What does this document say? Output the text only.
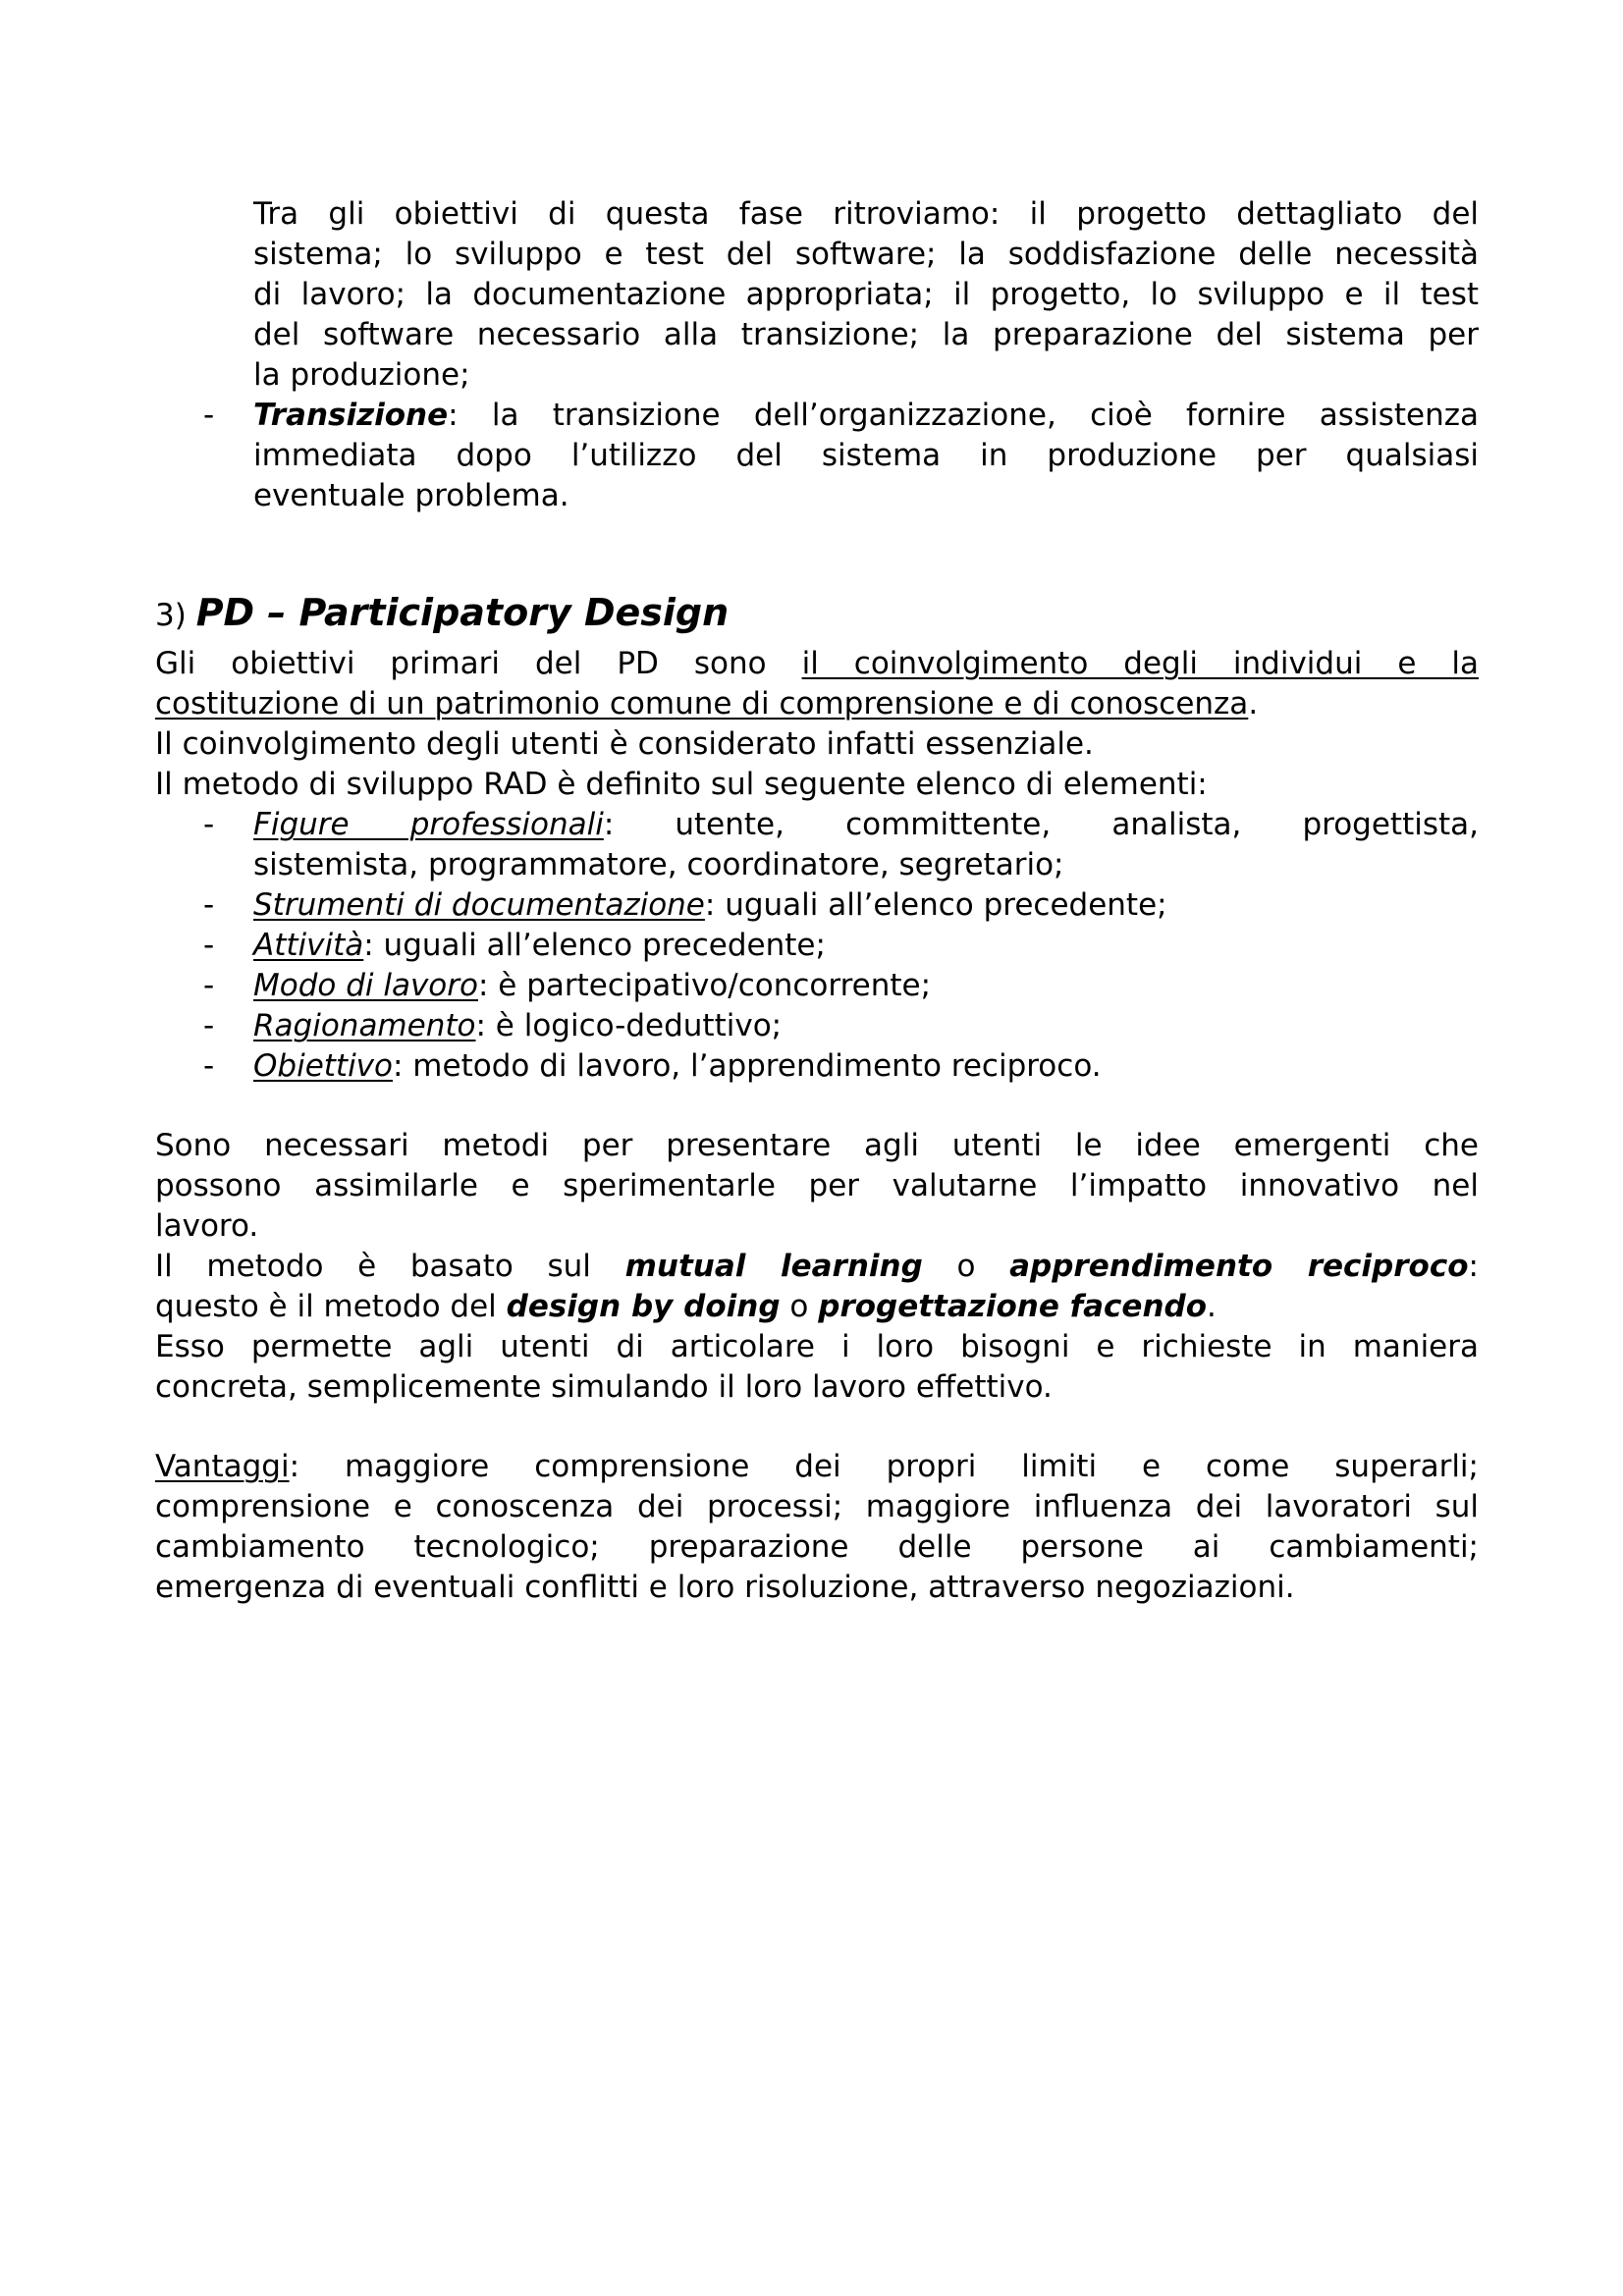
Tra gli obiettivi di questa fase ritroviamo: il progetto dettagliato del

sistema; lo sviluppo e test del software; la soddisfazione delle necessità

di lavoro; la documentazione appropriata; il progetto, lo sviluppo e il test

del software necessario alla transizione; la preparazione del sistema per

la produzione;

- Transizione: la transizione dell’organizzazione, cioè fornire assistenza

immediata dopo l’utilizzo del sistema in produzione per qualsiasi

eventuale problema.

3) PD – Participatory Design

Gli obiettivi primari del PD sono il coinvolgimento degli individui e la

costituzione di un patrimonio comune di comprensione e di conoscenza.

Il coinvolgimento degli utenti è considerato infatti essenziale.

Il metodo di sviluppo RAD è definito sul seguente elenco di elementi:

- Figure professionali: utente, committente, analista, progettista,

sistemista, programmatore, coordinatore, segretario;

- Strumenti di documentazione: uguali all’elenco precedente;

- Attività: uguali all’elenco precedente;

- Modo di lavoro: è partecipativo/concorrente;

- Ragionamento: è logico-deduttivo;

- Obiettivo: metodo di lavoro, l’apprendimento reciproco.

Sono necessari metodi per presentare agli utenti le idee emergenti che

possono assimilarle e sperimentarle per valutarne l’impatto innovativo nel

lavoro.

Il metodo è basato sul mutual learning o apprendimento reciproco:

questo è il metodo del design by doing o progettazione facendo.

Esso permette agli utenti di articolare i loro bisogni e richieste in maniera

concreta, semplicemente simulando il loro lavoro effettivo.

Vantaggi: maggiore comprensione dei propri limiti e come superarli;

comprensione e conoscenza dei processi; maggiore influenza dei lavoratori sul

cambiamento tecnologico; preparazione delle persone ai cambiamenti;

emergenza di eventuali conflitti e loro risoluzione, attraverso negoziazioni.
